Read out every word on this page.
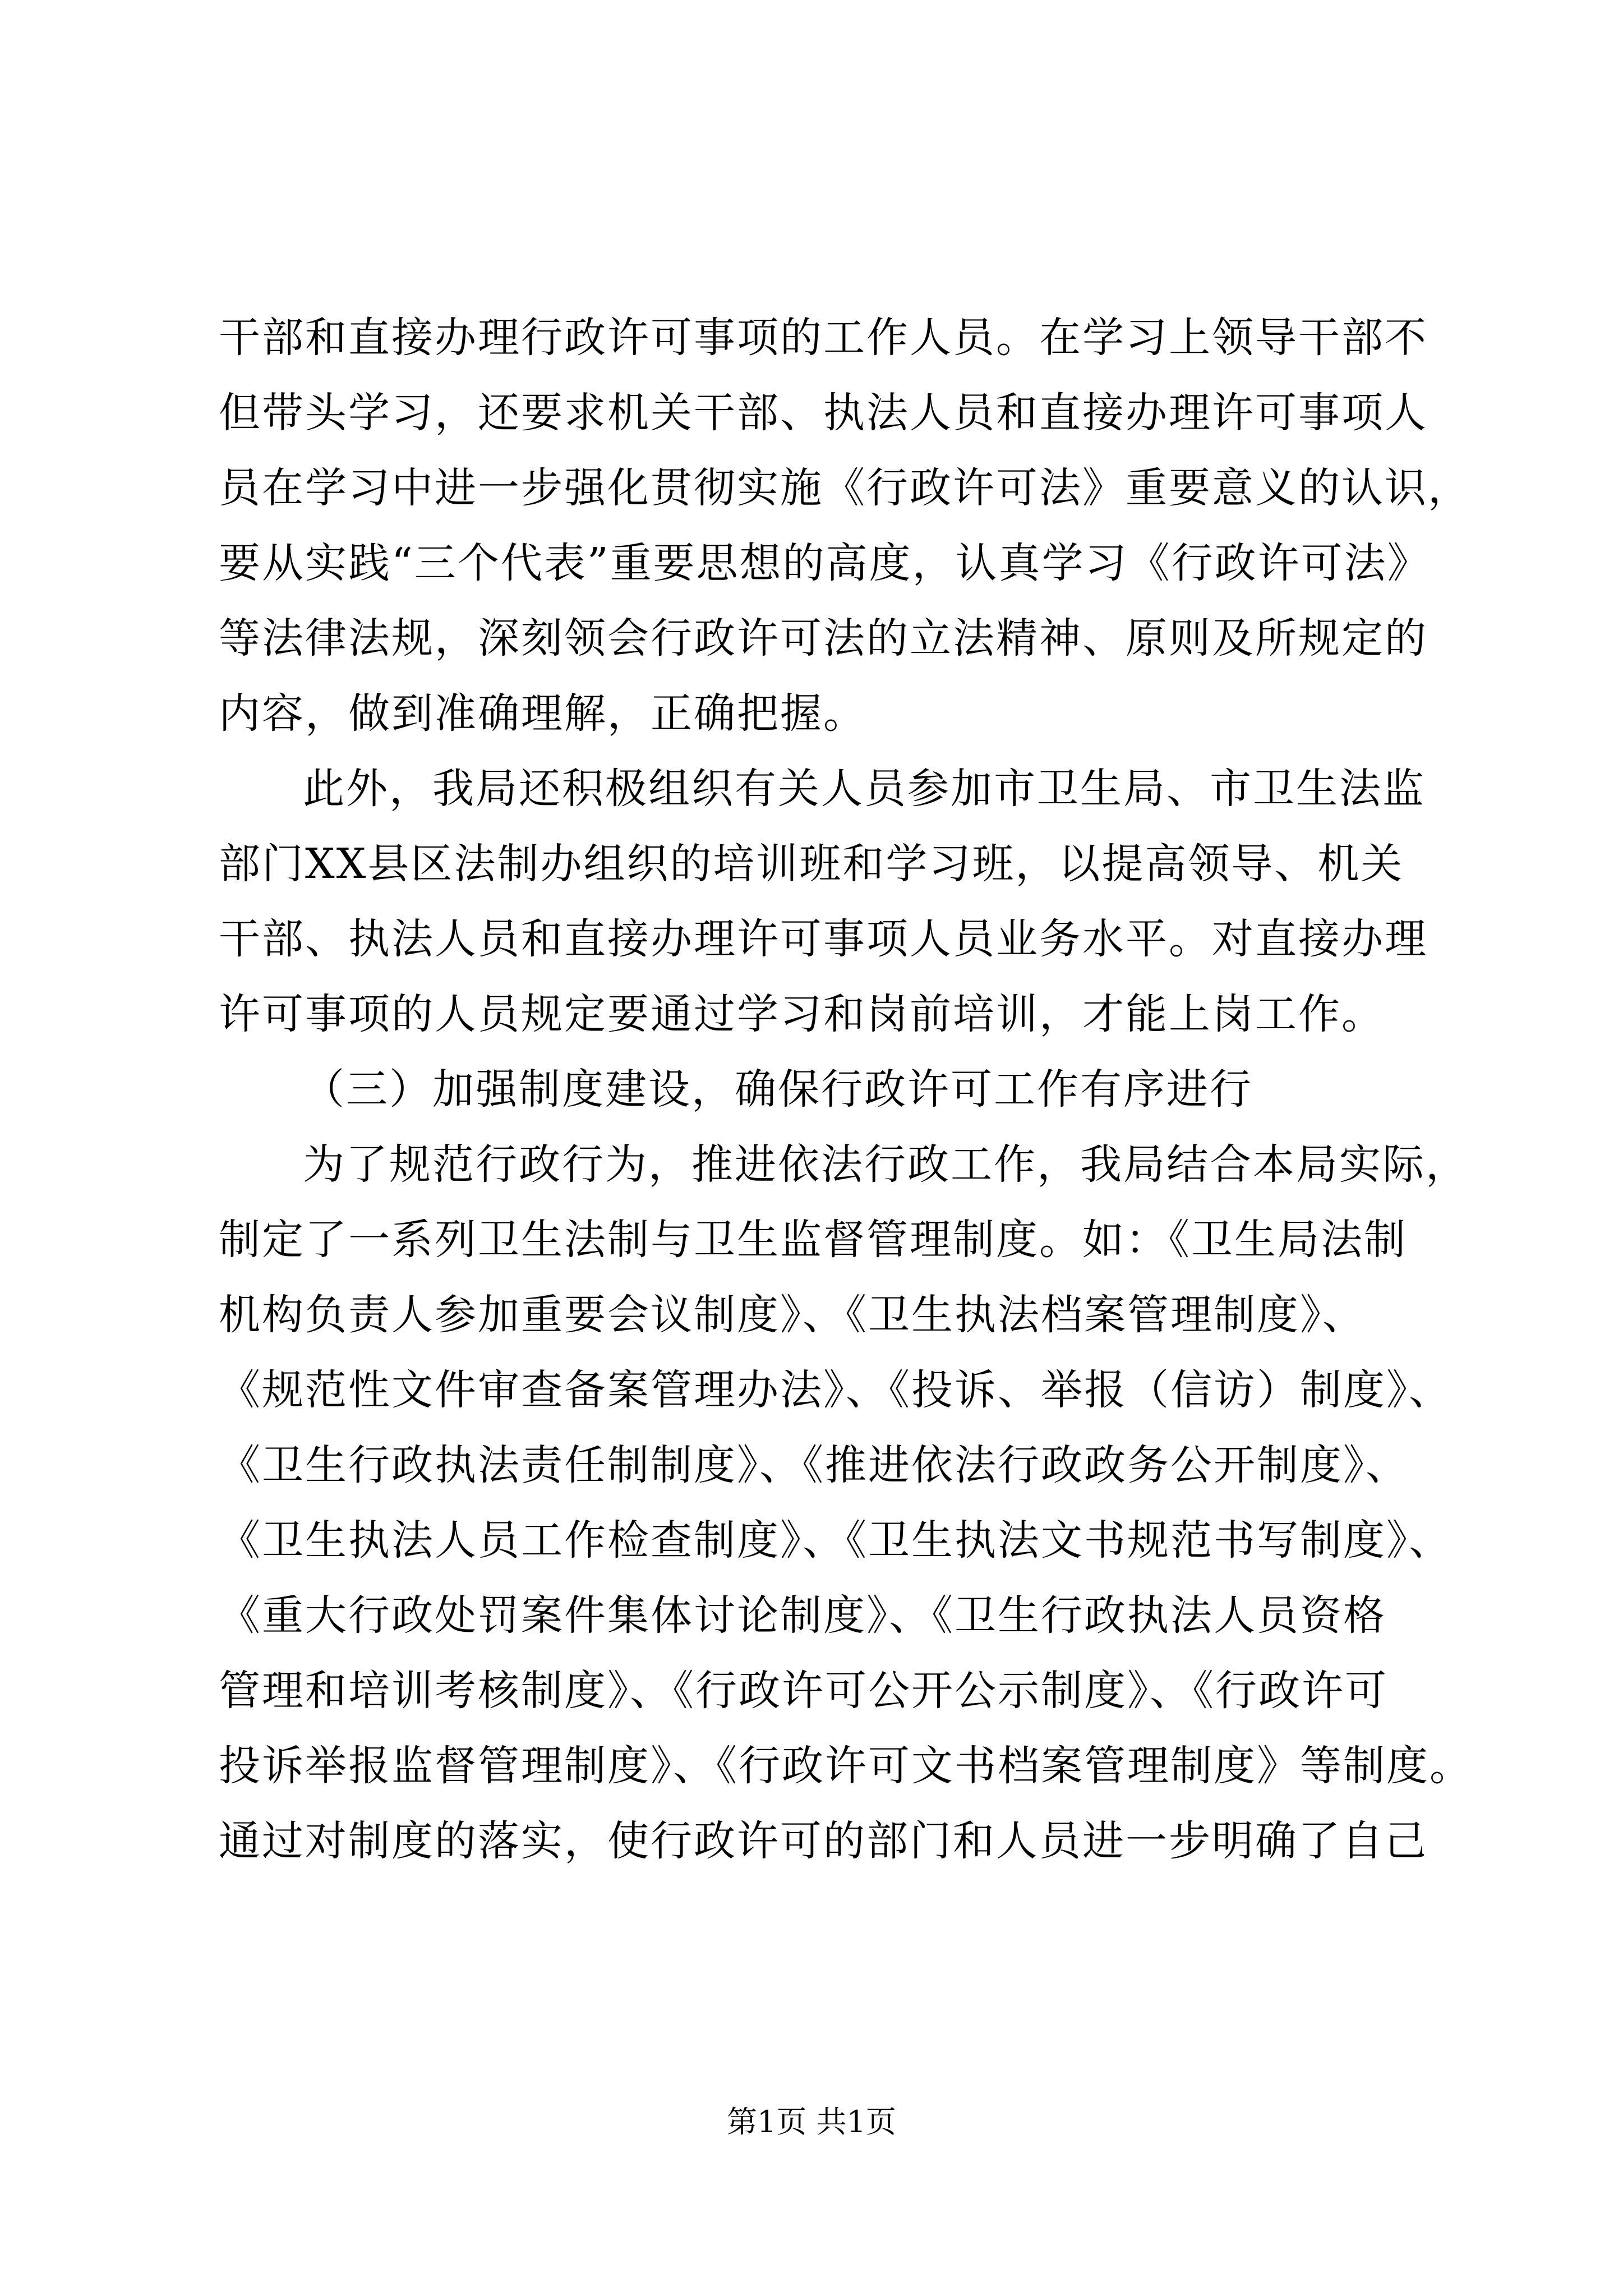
干部和直接办理行政许可事项的工作人员。在学习上领导干部不
但带头学习，还要求机关干部、执法人员和直接办理许可事项人
员在学习中进一步强化贯彻实施《行政许可法》重要意义的认识，
要从实践“三个代表”重要思想的高度，认真学习《行政许可法》
等法律法规，深刻领会行政许可法的立法精神、原则及所规定的
内容，做到准确理解，正确把握。
此外，我局还积极组织有关人员参加市卫生局、市卫生法监
部门XX县区法制办组织的培训班和学习班，以提高领导、机关
干部、执法人员和直接办理许可事项人员业务水平。对直接办理
许可事项的人员规定要通过学习和岗前培训，才能上岗工作。
（三）加强制度建设，确保行政许可工作有序进行
为了规范行政行为，推进依法行政工作，我局结合本局实际，
制定了一系列卫生法制与卫生监督管理制度。如：《卫生局法制
机构负责人参加重要会议制度》、《卫生执法档案管理制度》、
《规范性文件审查备案管理办法》、《投诉、举报（信访）制度》、
《卫生行政执法责任制制度》、《推进依法行政政务公开制度》、
《卫生执法人员工作检查制度》、《卫生执法文书规范书写制度》、
《重大行政处罚案件集体讨论制度》、《卫生行政执法人员资格
管理和培训考核制度》、《行政许可公开公示制度》、《行政许可
投诉举报监督管理制度》、《行政许可文书档案管理制度》等制度。
通过对制度的落实，使行政许可的部门和人员进一步明确了自己
第1页 共1页
